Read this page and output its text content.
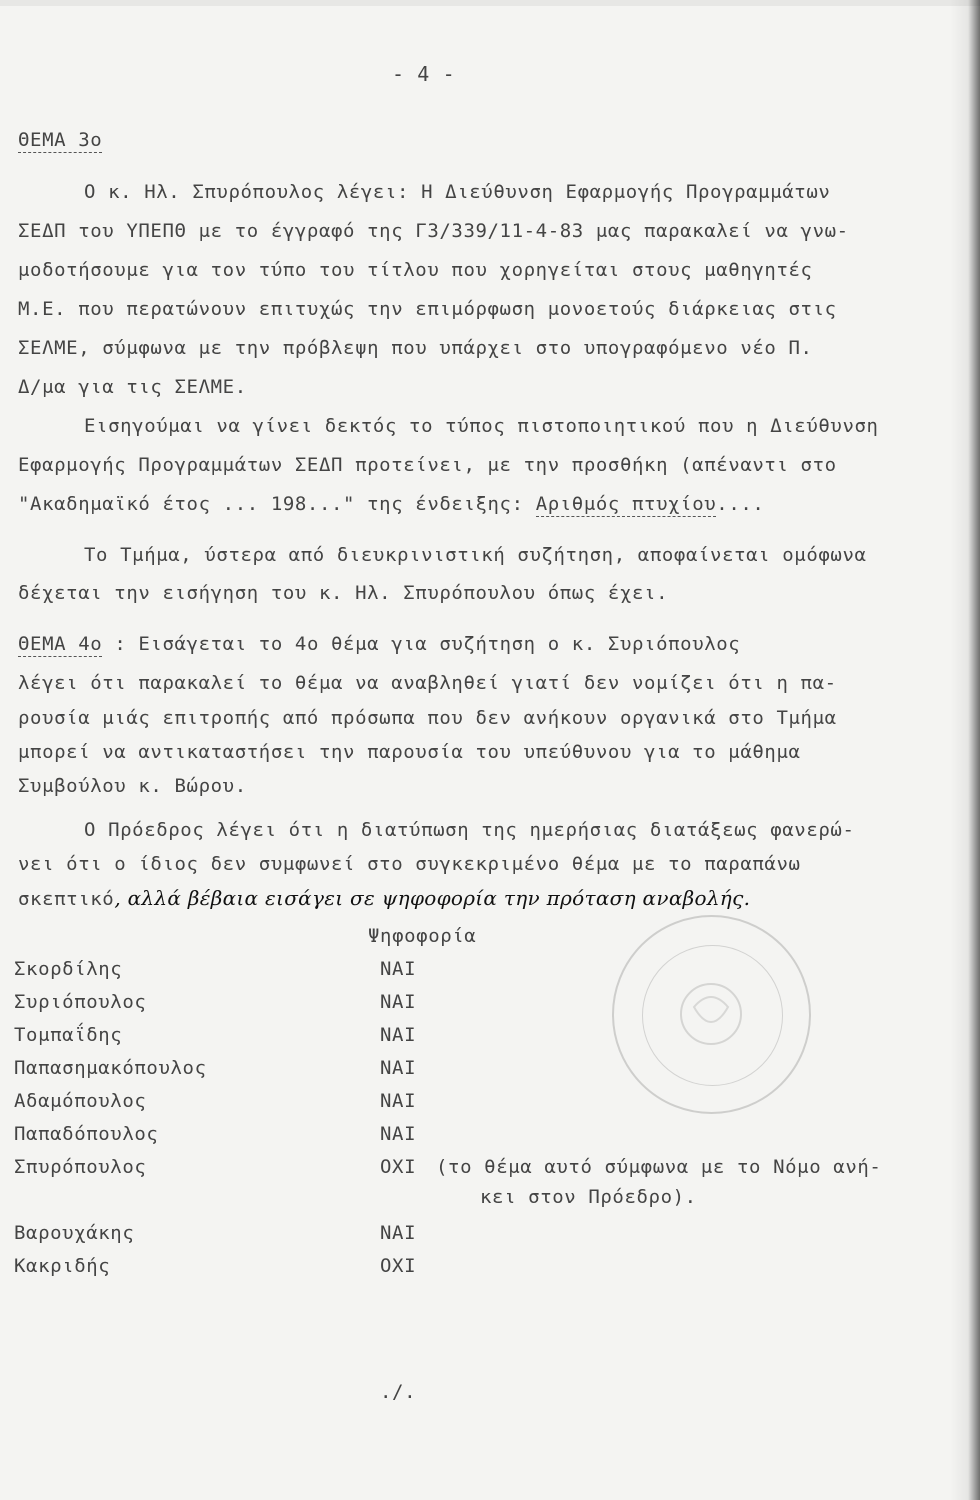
- 4 -
ΘΕΜΑ 3ο
Ο κ. Ηλ. Σπυρόπουλος λέγει: Η Διεύθυνση Εφαρμογής Προγραμμάτων
ΣΕΔΠ του ΥΠΕΠΘ με το έγγραφό της Γ3/339/11-4-83 μας παρακαλεί να γνω-
μοδοτήσουμε για τον τύπο του τίτλου που χορηγείται στους μαθηγητές
Μ.Ε. που περατώνουν επιτυχώς την επιμόρφωση μονοετούς διάρκειας στις
ΣΕΛΜΕ, σύμφωνα με την πρόβλεψη που υπάρχει στο υπογραφόμενο νέο Π.
Δ/μα για τις ΣΕΛΜΕ.
Εισηγούμαι να γίνει δεκτός το τύπος πιστοποιητικού που η Διεύθυνση
Εφαρμογής Προγραμμάτων ΣΕΔΠ προτείνει, με την προσθήκη (απέναντι στο
"Ακαδημαϊκό έτος ... 198..." της ένδειξης: Αριθμός πτυχίου....
Το Τμήμα, ύστερα από διευκρινιστική συζήτηση, αποφαίνεται ομόφωνα
δέχεται την εισήγηση του κ. Ηλ. Σπυρόπουλου όπως έχει.
ΘΕΜΑ 4ο : Εισάγεται το 4ο θέμα για συζήτηση ο κ. Συριόπουλος
λέγει ότι παρακαλεί το θέμα να αναβληθεί γιατί δεν νομίζει ότι η πα-
ρουσία μιάς επιτροπής από πρόσωπα που δεν ανήκουν οργανικά στο Τμήμα
μπορεί να αντικαταστήσει την παρουσία του υπεύθυνου για το μάθημα
Συμβούλου κ. Βώρου.
Ο Πρόεδρος λέγει ότι η διατύπωση της ημερήσιας διατάξεως φανερώ-
νει ότι ο ίδιος δεν συμφωνεί στο συγκεκριμένο θέμα με το παραπάνω
σκεπτικό, αλλά βέβαια εισάγει σε ψηφοφορία την πρόταση αναβολής.
Ψηφοφορία
Σκορδίλης	ΝΑΙ
Συριόπουλος	ΝΑΙ
Τομπαΐδης	ΝΑΙ
Παπασημακόπουλος	ΝΑΙ
Αδαμόπουλος	ΝΑΙ
Παπαδόπουλος	ΝΑΙ
Σπυρόπουλος	ΟΧΙ (το θέμα αυτό σύμφωνα με το Νόμο ανή-
κει στον Πρόεδρο).
Βαρουχάκης	ΝΑΙ
Κακριδής	ΟΧΙ
./.
